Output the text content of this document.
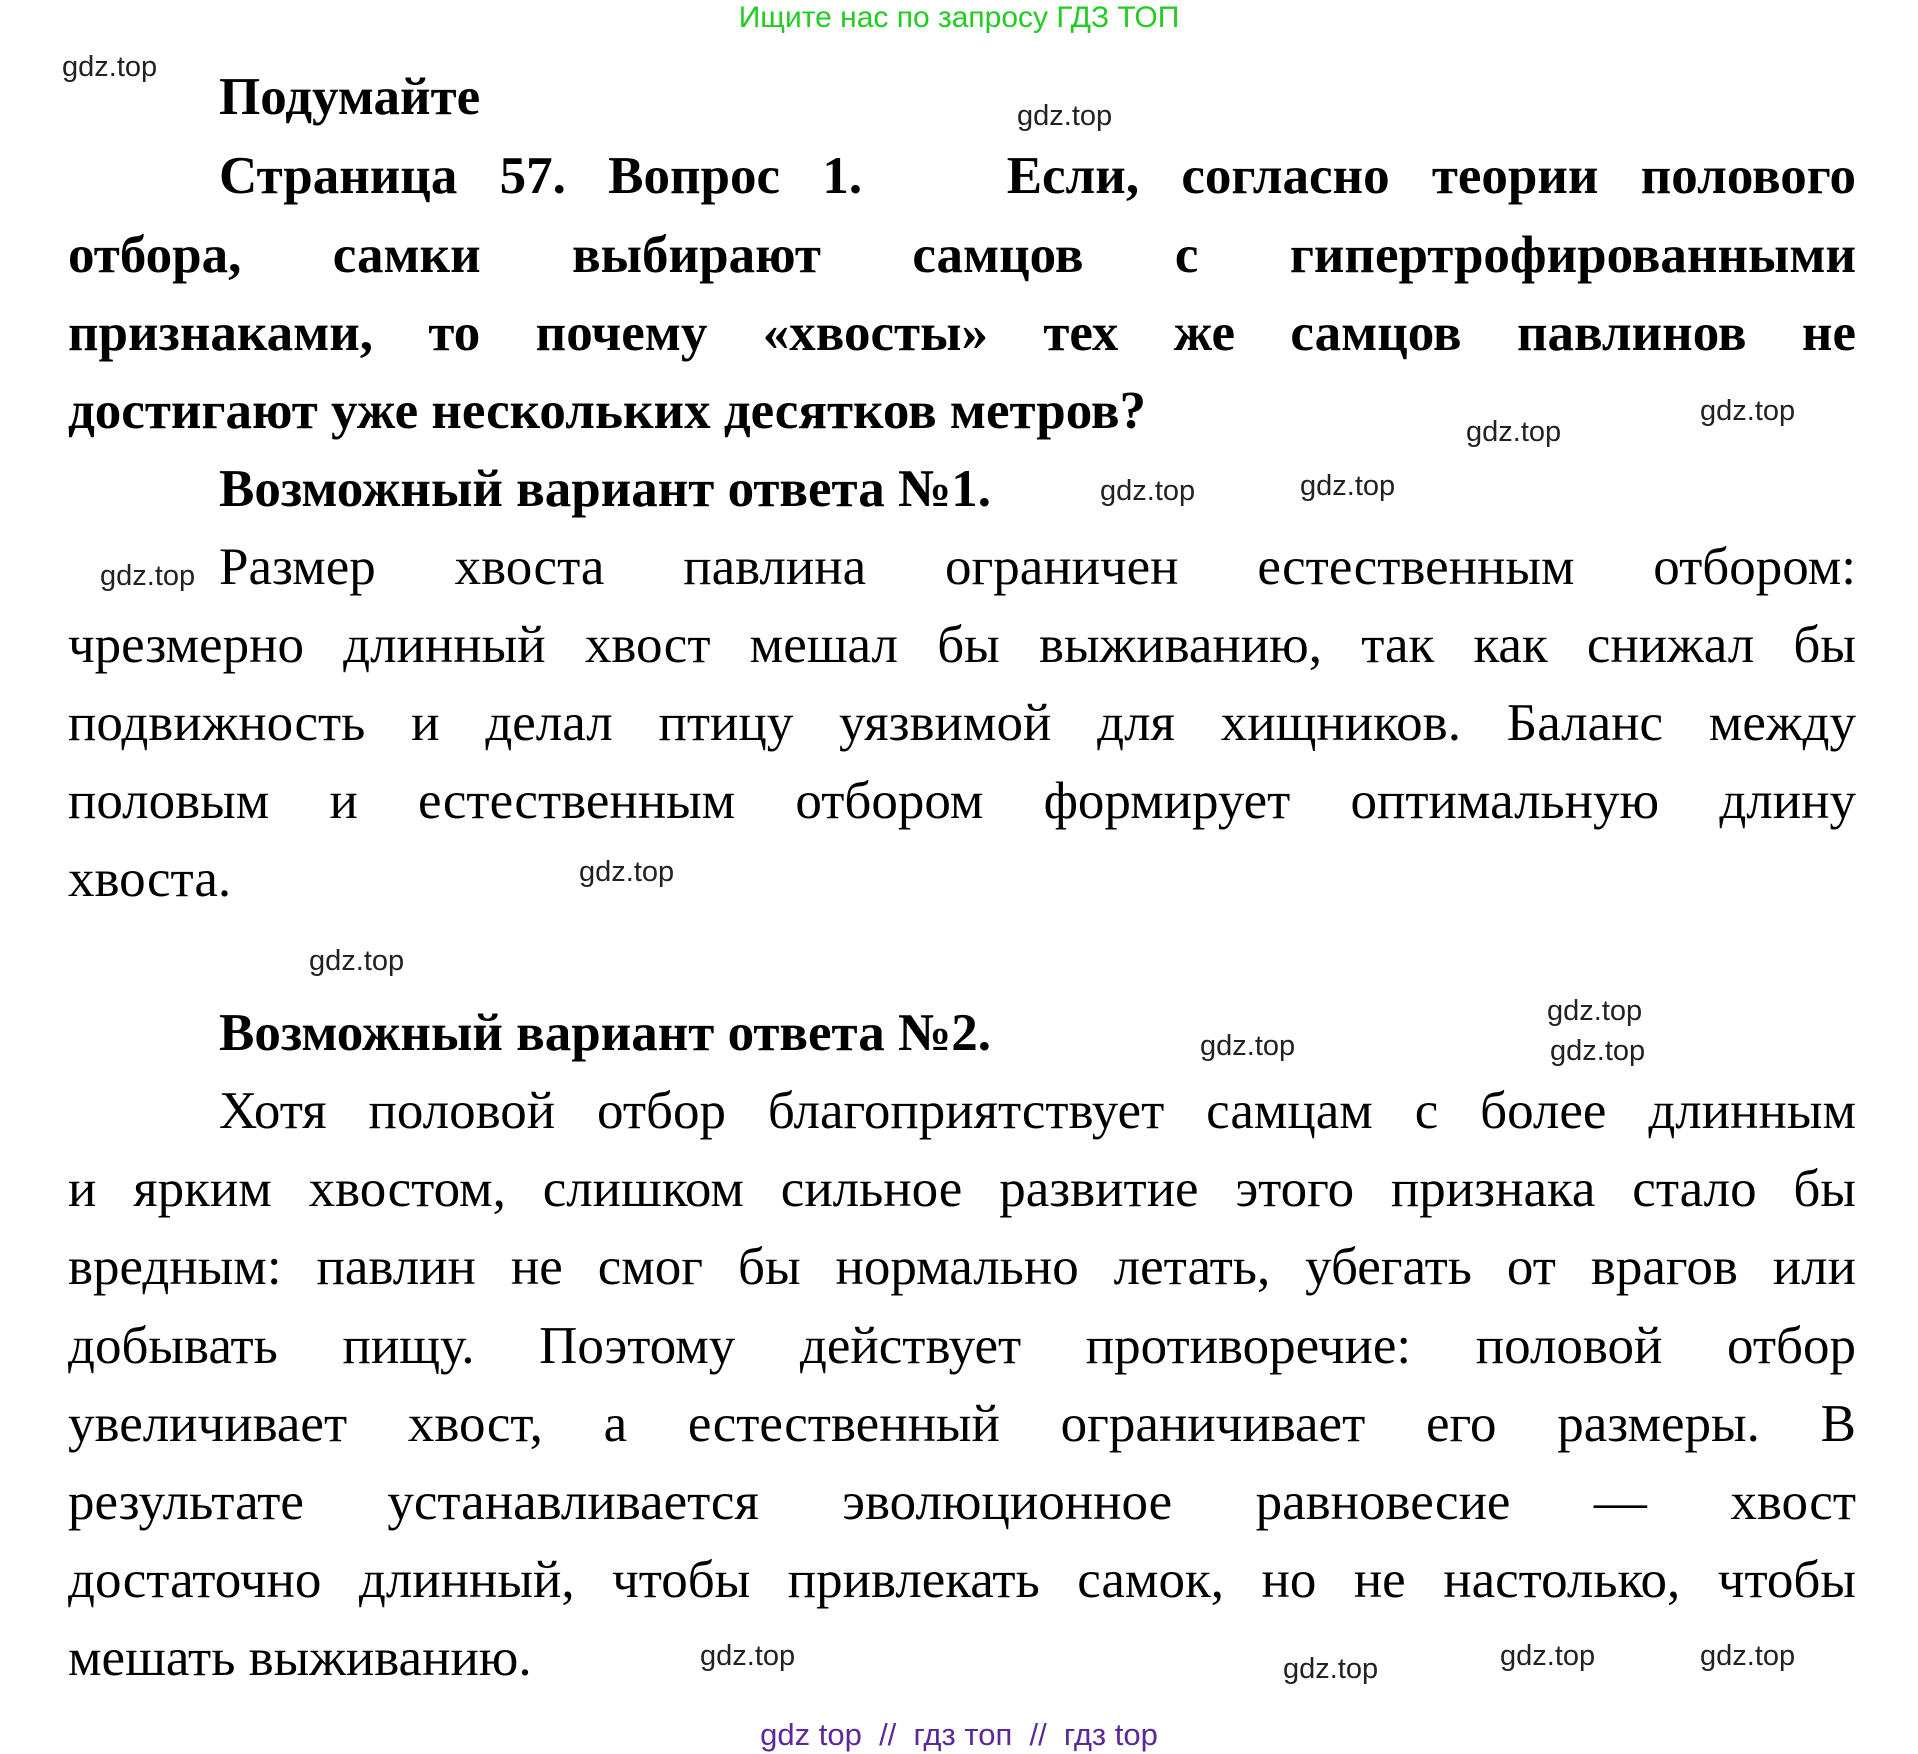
Ищите нас по запросу ГДЗ ТОП
Подумайте
Страница 57. Вопрос 1.	Если, согласно теории полового
отбора, самки выбирают самцов с гипертрофированными
признаками, то почему «хвосты» тех же самцов павлинов не
достигают уже нескольких десятков метров?
Возможный вариант ответа №1.
Размер хвоста павлина ограничен естественным отбором:
чрезмерно длинный хвост мешал бы выживанию, так как снижал бы
подвижность и делал птицу уязвимой для хищников. Баланс между
половым и естественным отбором формирует оптимальную длину
хвоста.
Возможный вариант ответа №2.
Хотя половой отбор благоприятствует самцам с более длинным
и ярким хвостом, слишком сильное развитие этого признака стало бы
вредным: павлин не смог бы нормально летать, убегать от врагов или
добывать пищу. Поэтому действует противоречие: половой отбор
увеличивает хвост, а естественный ограничивает его размеры. В
результате устанавливается эволюционное равновесие — хвост
достаточно длинный, чтобы привлекать самок, но не настолько, чтобы
мешать выживанию.
gdz.top
gdz.top
gdz.top
gdz.top
gdz.top
gdz.top
gdz.top
gdz.top
gdz.top
gdz.top
gdz.top
gdz.top
gdz.top	gdz.top	gdz.top
gdz.top
gdz top  //  гдз топ  //  гдз top
